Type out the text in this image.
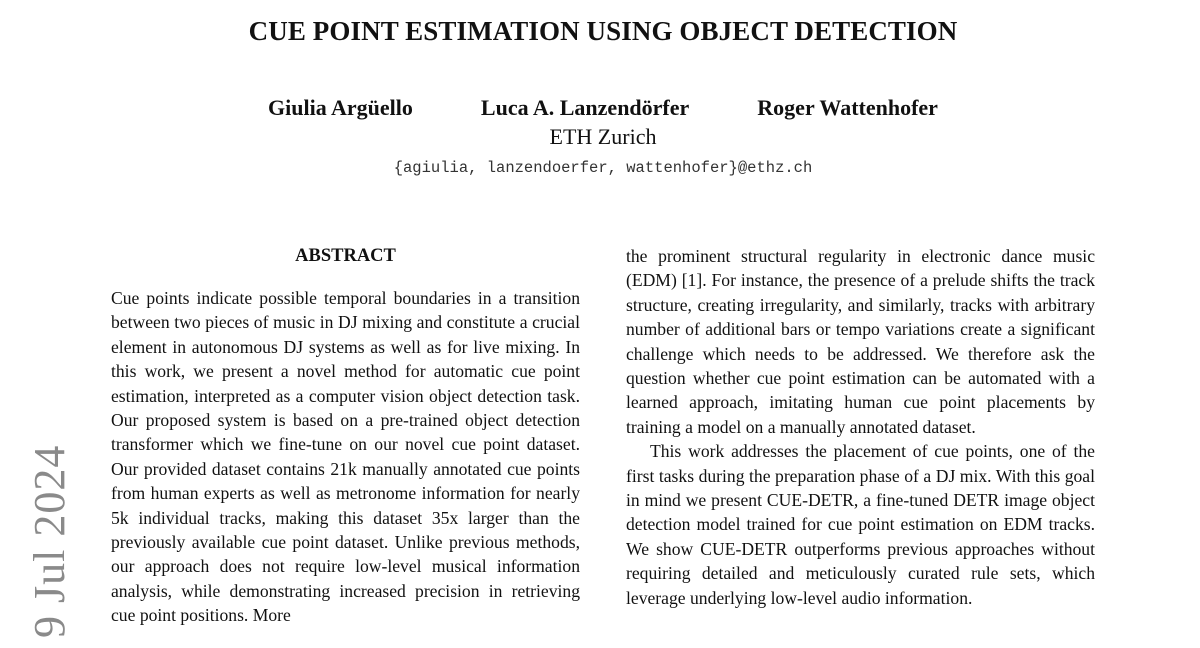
CUE POINT ESTIMATION USING OBJECT DETECTION
Giulia Argüello	Luca A. Lanzendörfer	Roger Wattenhofer
ETH Zurich
{agiulia, lanzendoerfer, wattenhofer}@ethz.ch
9 Jul 2024
ABSTRACT

Cue points indicate possible temporal boundaries in a transition between two pieces of music in DJ mixing and constitute a crucial element in autonomous DJ systems as well as for live mixing. In this work, we present a novel method for automatic cue point estimation, interpreted as a computer vision object detection task. Our proposed system is based on a pre-trained object detection transformer which we fine-tune on our novel cue point dataset. Our provided dataset contains 21k manually annotated cue points from human experts as well as metronome information for nearly 5k individual tracks, making this dataset 35x larger than the previously available cue point dataset. Unlike previous methods, our approach does not require low-level musical information analysis, while demonstrating increased precision in retrieving cue point positions. More

the prominent structural regularity in electronic dance music (EDM) [1]. For instance, the presence of a prelude shifts the track structure, creating irregularity, and similarly, tracks with arbitrary number of additional bars or tempo variations create a significant challenge which needs to be addressed. We therefore ask the question whether cue point estimation can be automated with a learned approach, imitating human cue point placements by training a model on a manually annotated dataset.

This work addresses the placement of cue points, one of the first tasks during the preparation phase of a DJ mix. With this goal in mind we present CUE-DETR, a fine-tuned DETR image object detection model trained for cue point estimation on EDM tracks. We show CUE-DETR outperforms previous approaches without requiring detailed and meticulously curated rule sets, which leverage underlying low-level audio information.
